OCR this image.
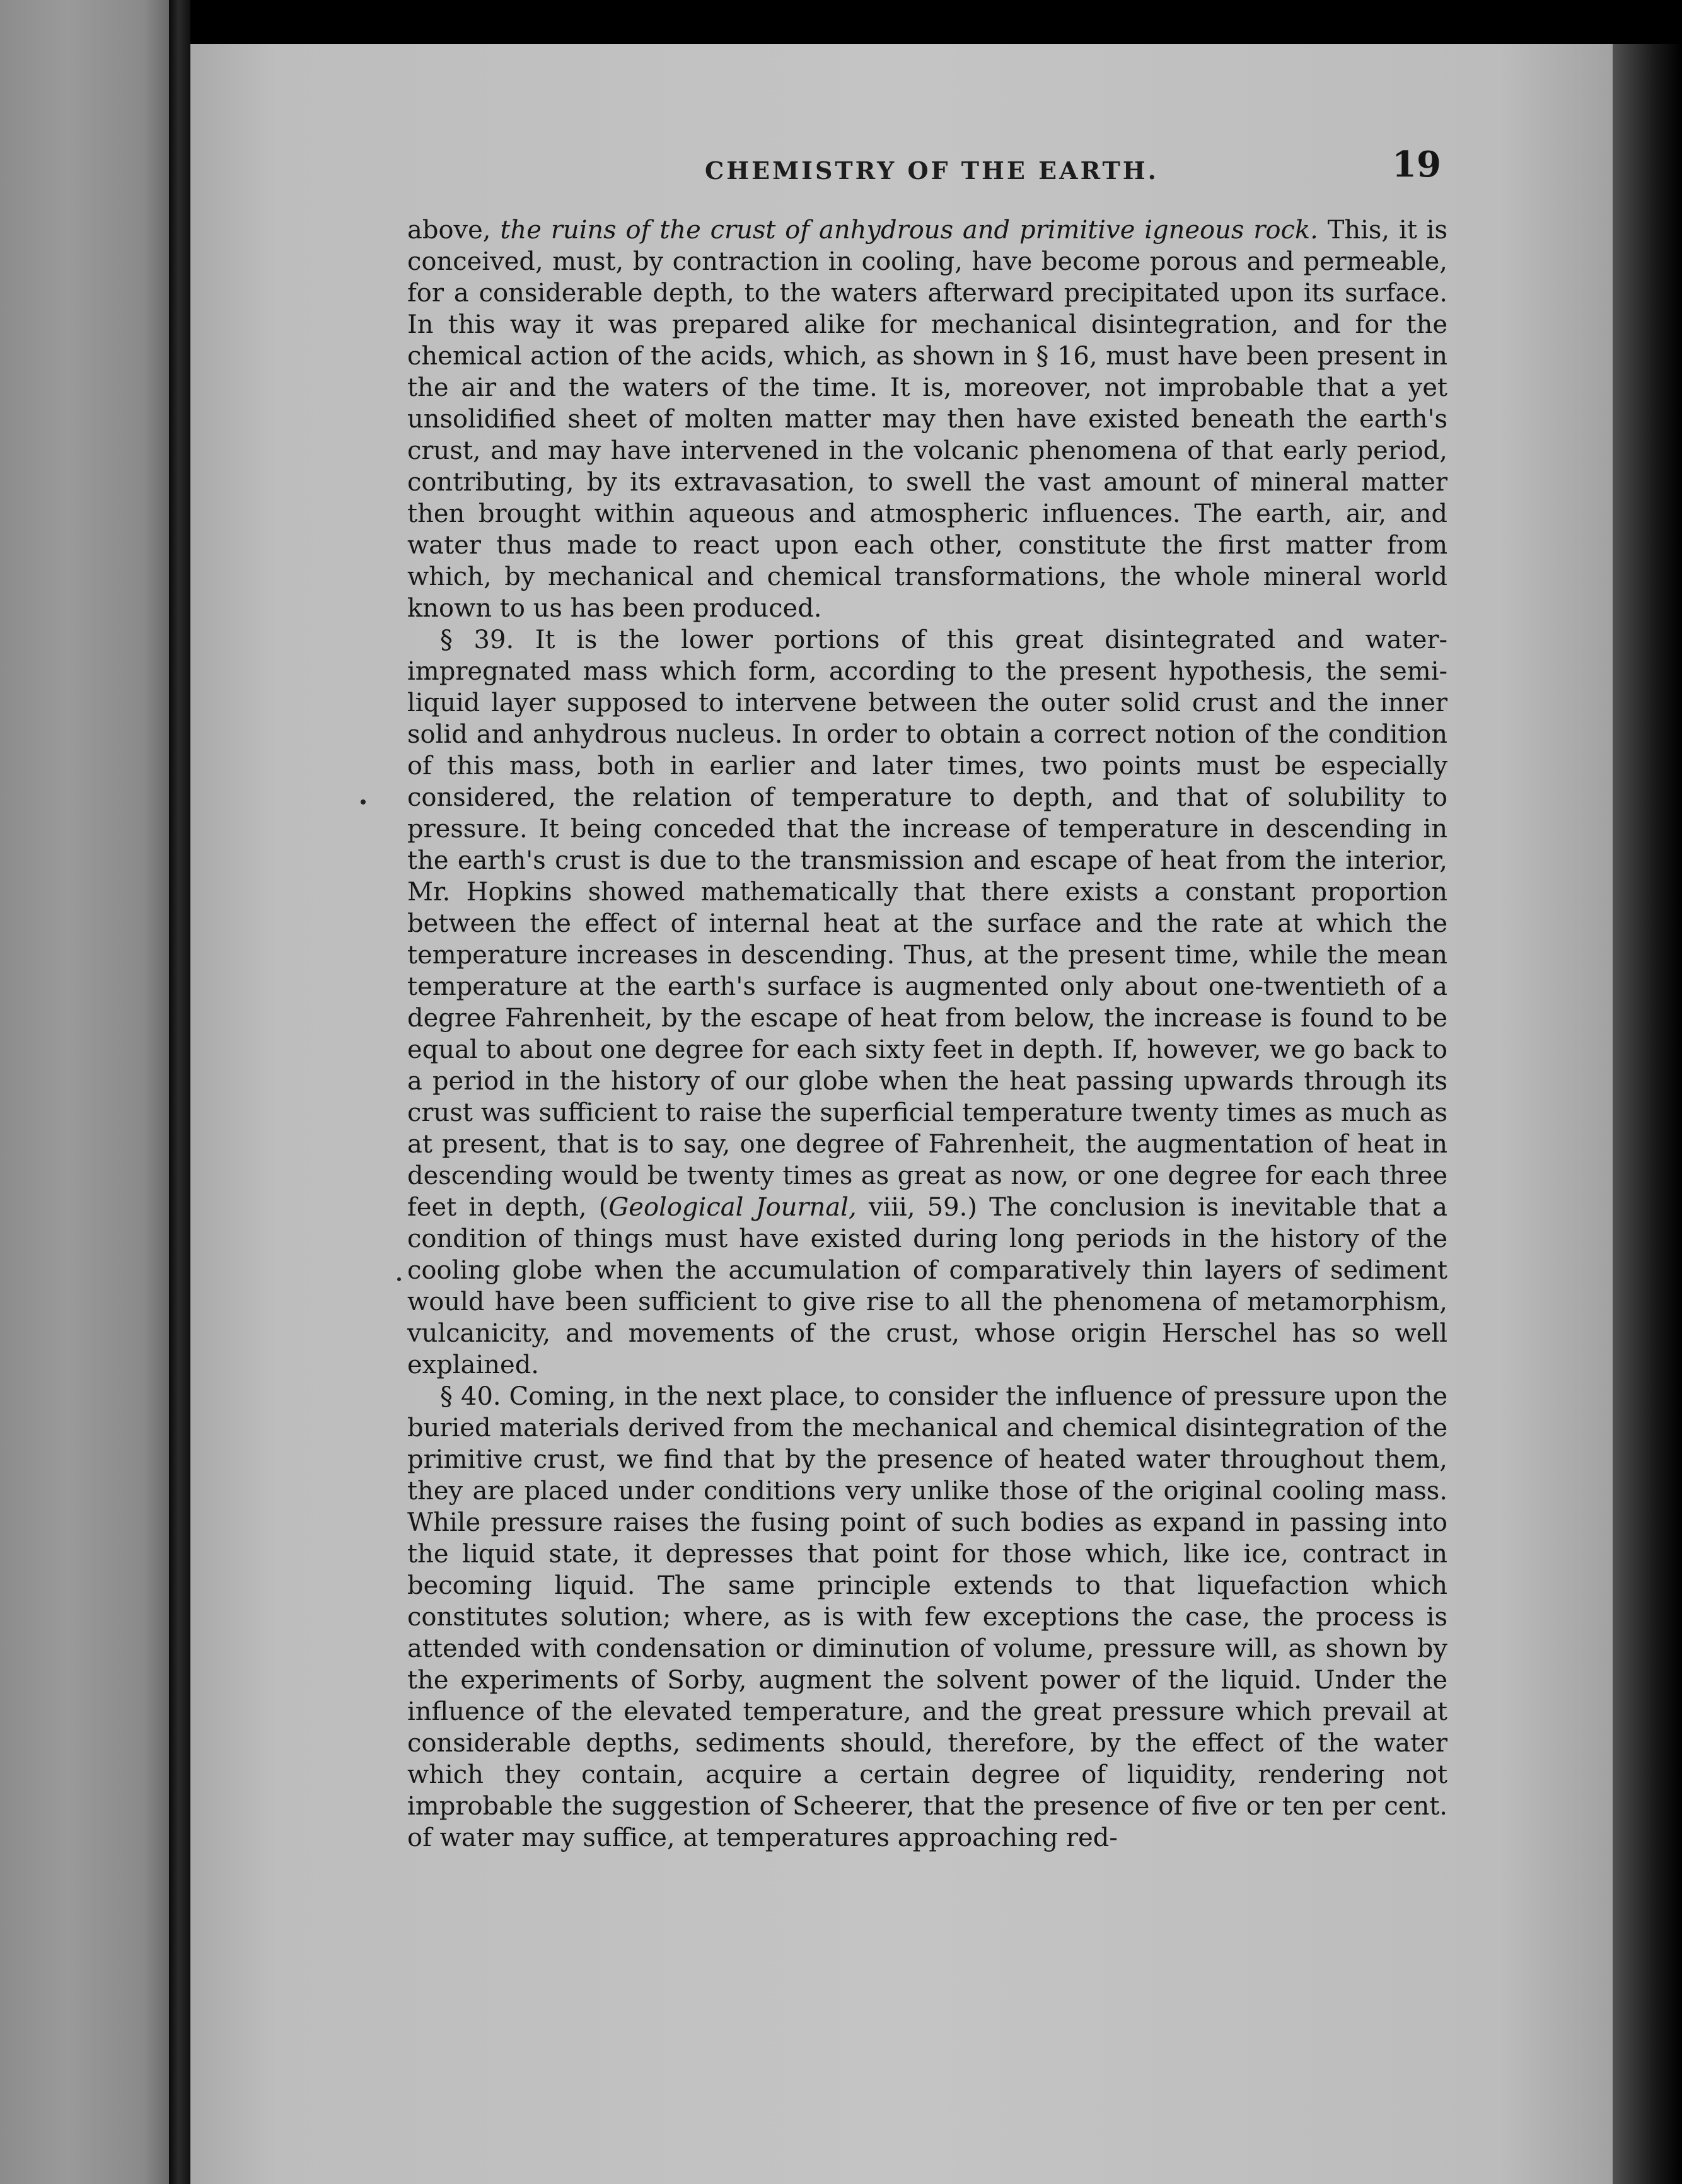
CHEMISTRY OF THE EARTH.	19

above, the ruins of the crust of anhydrous and primitive igneous rock. This, it is conceived, must, by contraction in cooling, have become porous and permeable, for a considerable depth, to the waters afterward precipitated upon its surface. In this way it was prepared alike for mechanical disintegration, and for the chemical action of the acids, which, as shown in § 16, must have been present in the air and the waters of the time. It is, moreover, not improbable that a yet unsolidified sheet of molten matter may then have existed beneath the earth's crust, and may have intervened in the volcanic phenomena of that early period, contributing, by its extravasation, to swell the vast amount of mineral matter then brought within aqueous and atmospheric influences. The earth, air, and water thus made to react upon each other, constitute the first matter from which, by mechanical and chemical transformations, the whole mineral world known to us has been produced.

§ 39. It is the lower portions of this great disintegrated and water-impregnated mass which form, according to the present hypothesis, the semi-liquid layer supposed to intervene between the outer solid crust and the inner solid and anhydrous nucleus. In order to obtain a correct notion of the condition of this mass, both in earlier and later times, two points must be especially considered, the relation of temperature to depth, and that of solubility to pressure. It being conceded that the increase of temperature in descending in the earth's crust is due to the transmission and escape of heat from the interior, Mr. Hopkins showed mathematically that there exists a constant proportion between the effect of internal heat at the surface and the rate at which the temperature increases in descending. Thus, at the present time, while the mean temperature at the earth's surface is augmented only about one-twentieth of a degree Fahrenheit, by the escape of heat from below, the increase is found to be equal to about one degree for each sixty feet in depth. If, however, we go back to a period in the history of our globe when the heat passing upwards through its crust was sufficient to raise the superficial temperature twenty times as much as at present, that is to say, one degree of Fahrenheit, the augmentation of heat in descending would be twenty times as great as now, or one degree for each three feet in depth, (Geological Journal, viii, 59.) The conclusion is inevitable that a condition of things must have existed during long periods in the history of the cooling globe when the accumulation of comparatively thin layers of sediment would have been sufficient to give rise to all the phenomena of metamorphism, vulcanicity, and movements of the crust, whose origin Herschel has so well explained.

§ 40. Coming, in the next place, to consider the influence of pressure upon the buried materials derived from the mechanical and chemical disintegration of the primitive crust, we find that by the presence of heated water throughout them, they are placed under conditions very unlike those of the original cooling mass. While pressure raises the fusing point of such bodies as expand in passing into the liquid state, it depresses that point for those which, like ice, contract in becoming liquid. The same principle extends to that liquefaction which constitutes solution; where, as is with few exceptions the case, the process is attended with condensation or diminution of volume, pressure will, as shown by the experiments of Sorby, augment the solvent power of the liquid. Under the influence of the elevated temperature, and the great pressure which prevail at considerable depths, sediments should, therefore, by the effect of the water which they contain, acquire a certain degree of liquidity, rendering not improbable the suggestion of Scheerer, that the presence of five or ten per cent. of water may suffice, at temperatures approaching red-
